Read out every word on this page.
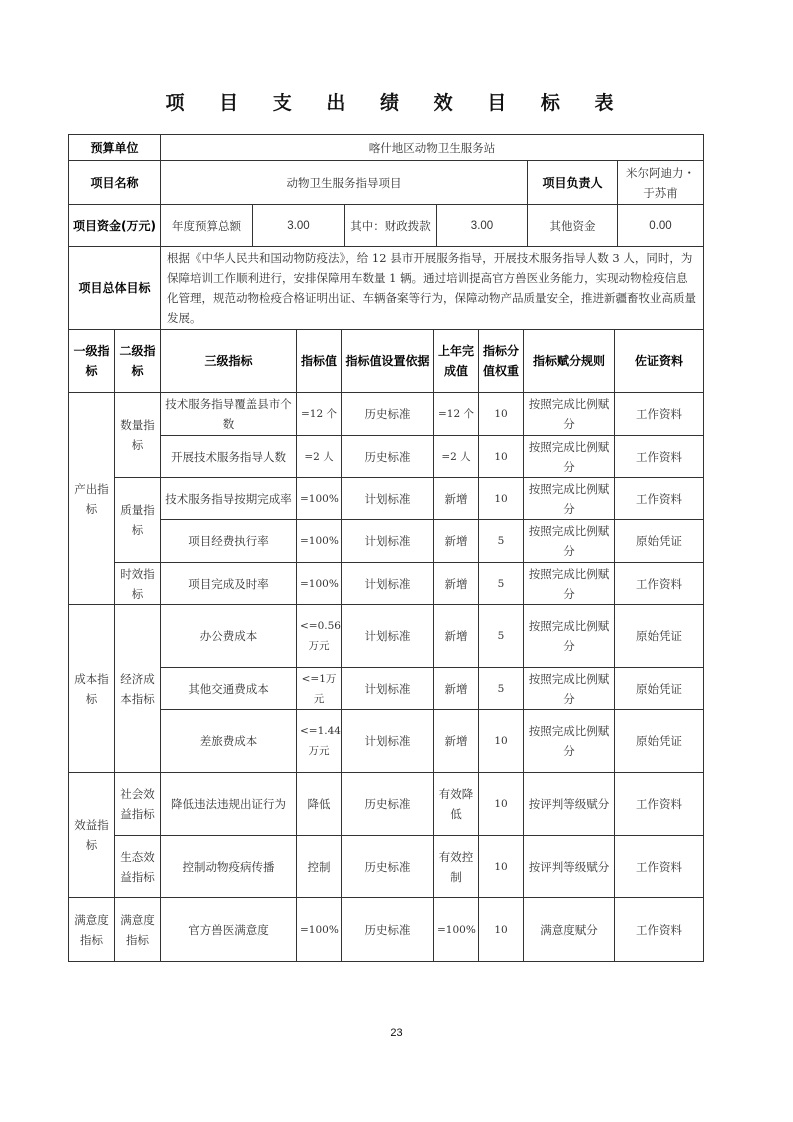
项 目 支 出 绩 效 目 标 表
预算单位	喀什地区动物卫生服务站					
项目名称	动物卫生服务指导项目				项目负责人	米尔阿迪力・于苏甫
项目资金(万元)	年度预算总额	3.00	其中：财政拨款	3.00	其他资金	0.00
项目总体目标	根据《中华人民共和国动物防疫法》，给 12 县市开展服务指导，开展技术服务指导人数 3 人，同时，为保障培训工作顺利进行，安排保障用车数量 1 辆。通过培训提高官方兽医业务能力，实现动物检疫信息化管理，规范动物检疫合格证明出证、车辆备案等行为，保障动物产品质量安全，推进新疆畜牧业高质量发展。					
一级指标	二级指标	三级指标	指标值	指标值设置依据	上年完成值	指标分值权重	指标赋分规则	佐证资料
产出指标	数量指标	技术服务指导覆盖县市个数	=12 个	历史标准	=12 个	10	按照完成比例赋分	工作资料
		开展技术服务指导人数	=2 人	历史标准	=2 人	10	按照完成比例赋分	工作资料
	质量指标	技术服务指导按期完成率	=100%	计划标准	新增	10	按照完成比例赋分	工作资料
		项目经费执行率	=100%	计划标准	新增	5	按照完成比例赋分	原始凭证
	时效指标	项目完成及时率	=100%	计划标准	新增	5	按照完成比例赋分	工作资料
成本指标	经济成本指标	办公费成本	<=0.56万元	计划标准	新增	5	按照完成比例赋分	原始凭证
		其他交通费成本	<=1万元	计划标准	新增	5	按照完成比例赋分	原始凭证
		差旅费成本	<=1.44万元	计划标准	新增	10	按照完成比例赋分	原始凭证
效益指标	社会效益指标	降低违法违规出证行为	降低	历史标准	有效降低	10	按评判等级赋分	工作资料
	生态效益指标	控制动物疫病传播	控制	历史标准	有效控制	10	按评判等级赋分	工作资料
满意度指标	满意度指标	官方兽医满意度	=100%	历史标准	=100%	10	满意度赋分	工作资料
23
